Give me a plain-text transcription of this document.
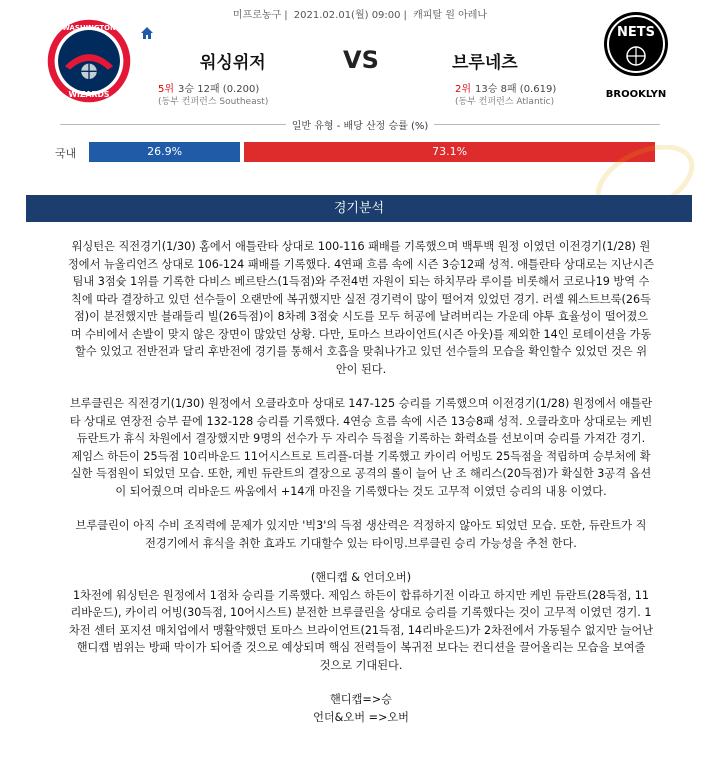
미프로농구 | 2021.02.01(월) 09:00 | 캐피탈 원 아레나
WASHINGTON
WIZARDS
NETS
BROOKLYN
워싱위저	VS	브루네츠
5위 3승 12패 (0.200)
(동부 컨퍼런스 Southeast)
2위 13승 8패 (0.619)
(동부 컨퍼런스 Atlantic)
일반 유형 - 배당 산정 승률 (%)
국내	26.9%	73.1%
경기분석

워싱턴은 직전경기(1/30) 홈에서 애틀란타 상대로 100-116 패배를 기록했으며 백투백 원정 이였던 이전경기(1/28) 원

정에서 뉴올리언즈 상대로 106-124 패배를 기록했다. 4연패 흐름 속에 시즌 3승12패 성적. 애틀란타 상대로는 지난시즌

팀내 3점슛 1위를 기록한 다비스 베르탄스(1득점)와 주전4번 자원이 되는 하치무라 루이를 비롯해서 코로나19 방역 수

칙에 따라 결장하고 있던 선수들이 오랜만에 복귀했지만 실전 경기력이 많이 떨어져 있었던 경기. 러셀 웨스트브룩(26득

점)이 분전했지만 블래들리 빌(26득점)이 8차례 3점슛 시도를 모두 허공에 날려버리는 가운데 야투 효율성이 떨어졌으

며 수비에서 손발이 맞지 않은 장면이 많았던 상황. 다만, 토마스 브라이언트(시즌 아웃)를 제외한 14인 로테이션을 가동

할수 있었고 전반전과 달리 후반전에 경기를 통해서 호흡을 맞춰나가고 있던 선수들의 모습을 확인할수 있었던 것은 위

안이 된다.

브루클린은 직전경기(1/30) 원정에서 오클라호마 상대로 147-125 승리를 기록했으며 이전경기(1/28) 원정에서 애틀란

타 상대로 연장전 승부 끝에 132-128 승리를 기록했다. 4연승 흐름 속에 시즌 13승8패 성적. 오클라호마 상대로는 케빈

듀란트가 휴식 차원에서 결장했지만 9명의 선수가 두 자리수 득점을 기록하는 화력쇼를 선보이며 승리를 가져간 경기.

제임스 하든이 25득점 10리바운드 11어시스트로 트리플-더블 기록했고 카이리 어빙도 25득점을 적립하며 승부처에 확

실한 득점원이 되었던 모습. 또한, 케빈 듀란트의 결장으로 공격의 롤이 늘어 난 조 해리스(20득점)가 확실한 3공격 옵션

이 되어줬으며 리바운드 싸움에서 +14개 마진을 기록했다는 것도 고무적 이였던 승리의 내용 이였다.

브루클린이 아직 수비 조직력에 문제가 있지만 '빅3'의 득점 생산력은 걱정하지 않아도 되었던 모습. 또한, 듀란트가 직

전경기에서 휴식을 취한 효과도 기대할수 있는 타이밍.브루클린 승리 가능성을 추천 한다.

(핸디캡 & 언더오버)

1차전에 워싱턴은 원정에서 1점차 승리를 기록했다. 제임스 하든이 합류하기전 이라고 하지만 케빈 듀란트(28득점, 11

리바운드), 카이리 어빙(30득점, 10어시스트) 분전한 브루클린을 상대로 승리를 기록했다는 것이 고무적 이였던 경기. 1

차전 센터 포지션 매치업에서 맹활약했던 토마스 브라이언트(21득점, 14리바운드)가 2차전에서 가동될수 없지만 늘어난

핸디캡 범위는 방패 막이가 되어줄 것으로 예상되며 핵심 전력들이 복귀전 보다는 컨디션을 끌어올리는 모습을 보여줄

것으로 기대된다.

핸디캡=>승

언더&오버 =>오버
